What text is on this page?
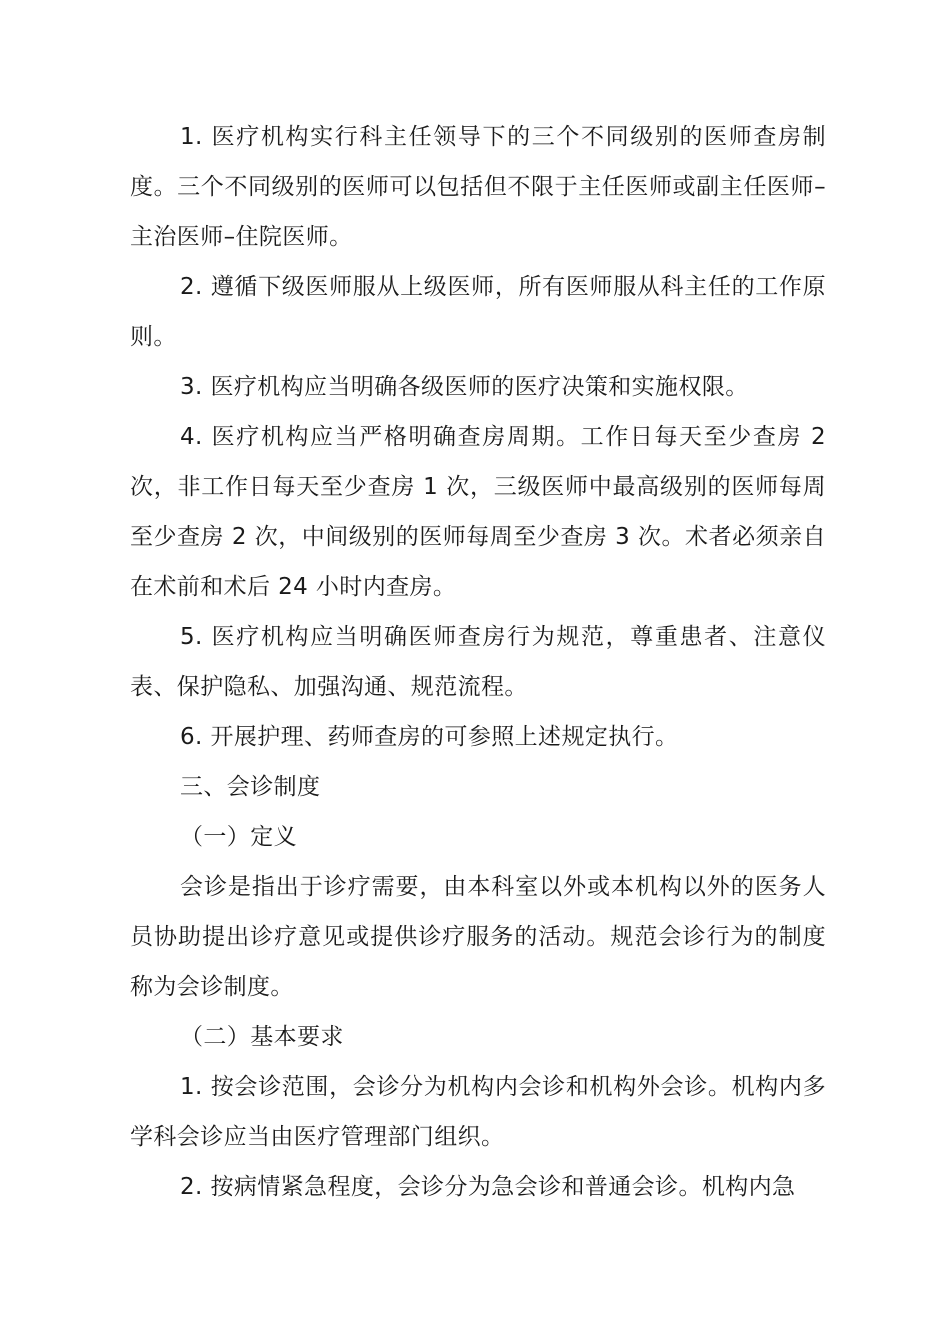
1. 医疗机构实行科主任领导下的三个不同级别的医师查房制度。三个不同级别的医师可以包括但不限于主任医师或副主任医师–主治医师–住院医师。

2. 遵循下级医师服从上级医师，所有医师服从科主任的工作原则。

3. 医疗机构应当明确各级医师的医疗决策和实施权限。

4. 医疗机构应当严格明确查房周期。工作日每天至少查房 2 次，非工作日每天至少查房 1 次，三级医师中最高级别的医师每周至少查房 2 次，中间级别的医师每周至少查房 3 次。术者必须亲自在术前和术后 24 小时内查房。

5. 医疗机构应当明确医师查房行为规范，尊重患者、注意仪表、保护隐私、加强沟通、规范流程。

6. 开展护理、药师查房的可参照上述规定执行。

三、会诊制度

（一）定义

会诊是指出于诊疗需要，由本科室以外或本机构以外的医务人员协助提出诊疗意见或提供诊疗服务的活动。规范会诊行为的制度称为会诊制度。

（二）基本要求

1. 按会诊范围，会诊分为机构内会诊和机构外会诊。机构内多学科会诊应当由医疗管理部门组织。

2. 按病情紧急程度，会诊分为急会诊和普通会诊。机构内急
